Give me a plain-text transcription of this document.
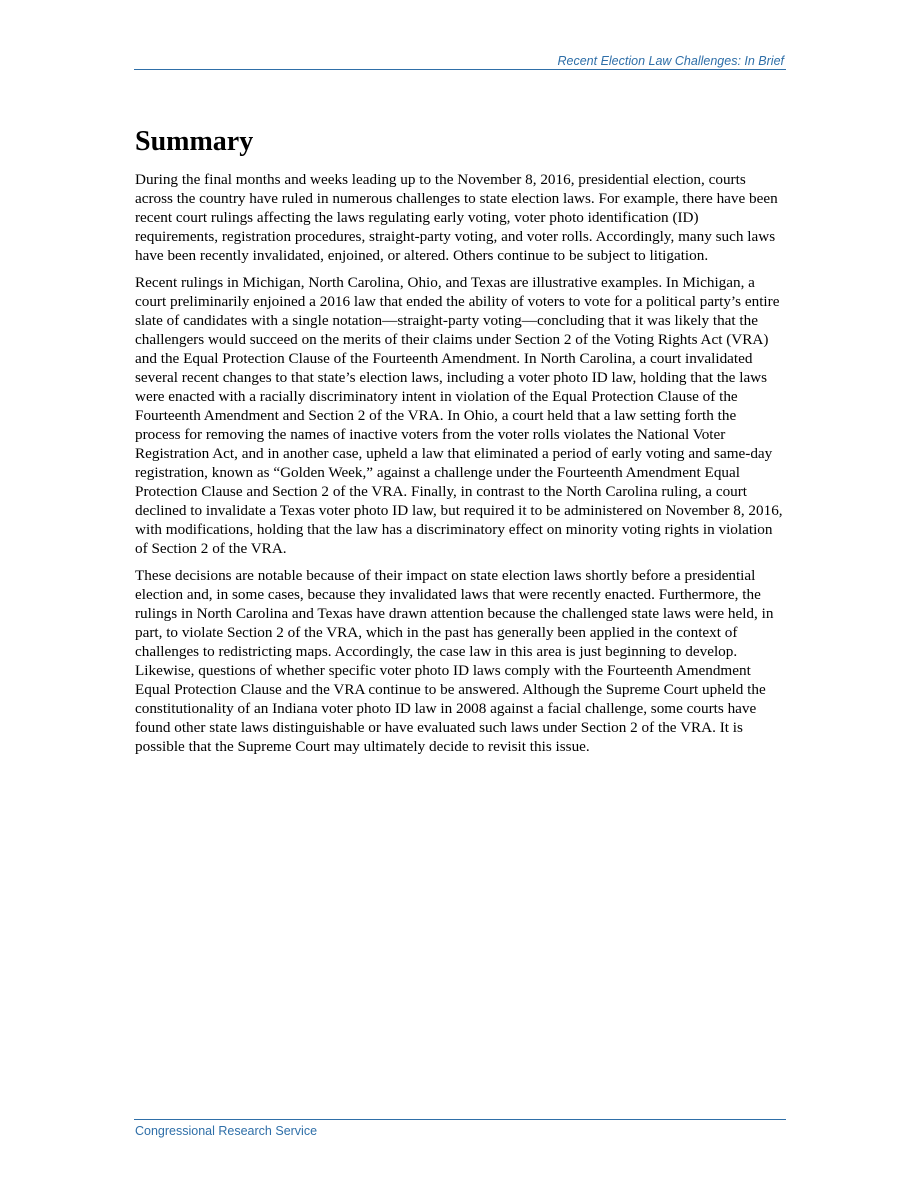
Recent Election Law Challenges: In Brief
Summary

During the final months and weeks leading up to the November 8, 2016, presidential election, courts across the country have ruled in numerous challenges to state election laws. For example, there have been recent court rulings affecting the laws regulating early voting, voter photo identification (ID) requirements, registration procedures, straight-party voting, and voter rolls. Accordingly, many such laws have been recently invalidated, enjoined, or altered. Others continue to be subject to litigation.

Recent rulings in Michigan, North Carolina, Ohio, and Texas are illustrative examples. In Michigan, a court preliminarily enjoined a 2016 law that ended the ability of voters to vote for a political party’s entire slate of candidates with a single notation—straight-party voting—concluding that it was likely that the challengers would succeed on the merits of their claims under Section 2 of the Voting Rights Act (VRA) and the Equal Protection Clause of the Fourteenth Amendment. In North Carolina, a court invalidated several recent changes to that state’s election laws, including a voter photo ID law, holding that the laws were enacted with a racially discriminatory intent in violation of the Equal Protection Clause of the Fourteenth Amendment and Section 2 of the VRA. In Ohio, a court held that a law setting forth the process for removing the names of inactive voters from the voter rolls violates the National Voter Registration Act, and in another case, upheld a law that eliminated a period of early voting and same-day registration, known as “Golden Week,” against a challenge under the Fourteenth Amendment Equal Protection Clause and Section 2 of the VRA. Finally, in contrast to the North Carolina ruling, a court declined to invalidate a Texas voter photo ID law, but required it to be administered on November 8, 2016, with modifications, holding that the law has a discriminatory effect on minority voting rights in violation of Section 2 of the VRA.

These decisions are notable because of their impact on state election laws shortly before a presidential election and, in some cases, because they invalidated laws that were recently enacted. Furthermore, the rulings in North Carolina and Texas have drawn attention because the challenged state laws were held, in part, to violate Section 2 of the VRA, which in the past has generally been applied in the context of challenges to redistricting maps. Accordingly, the case law in this area is just beginning to develop. Likewise, questions of whether specific voter photo ID laws comply with the Fourteenth Amendment Equal Protection Clause and the VRA continue to be answered. Although the Supreme Court upheld the constitutionality of an Indiana voter photo ID law in 2008 against a facial challenge, some courts have found other state laws distinguishable or have evaluated such laws under Section 2 of the VRA. It is possible that the Supreme Court may ultimately decide to revisit this issue.

Congressional Research Service
